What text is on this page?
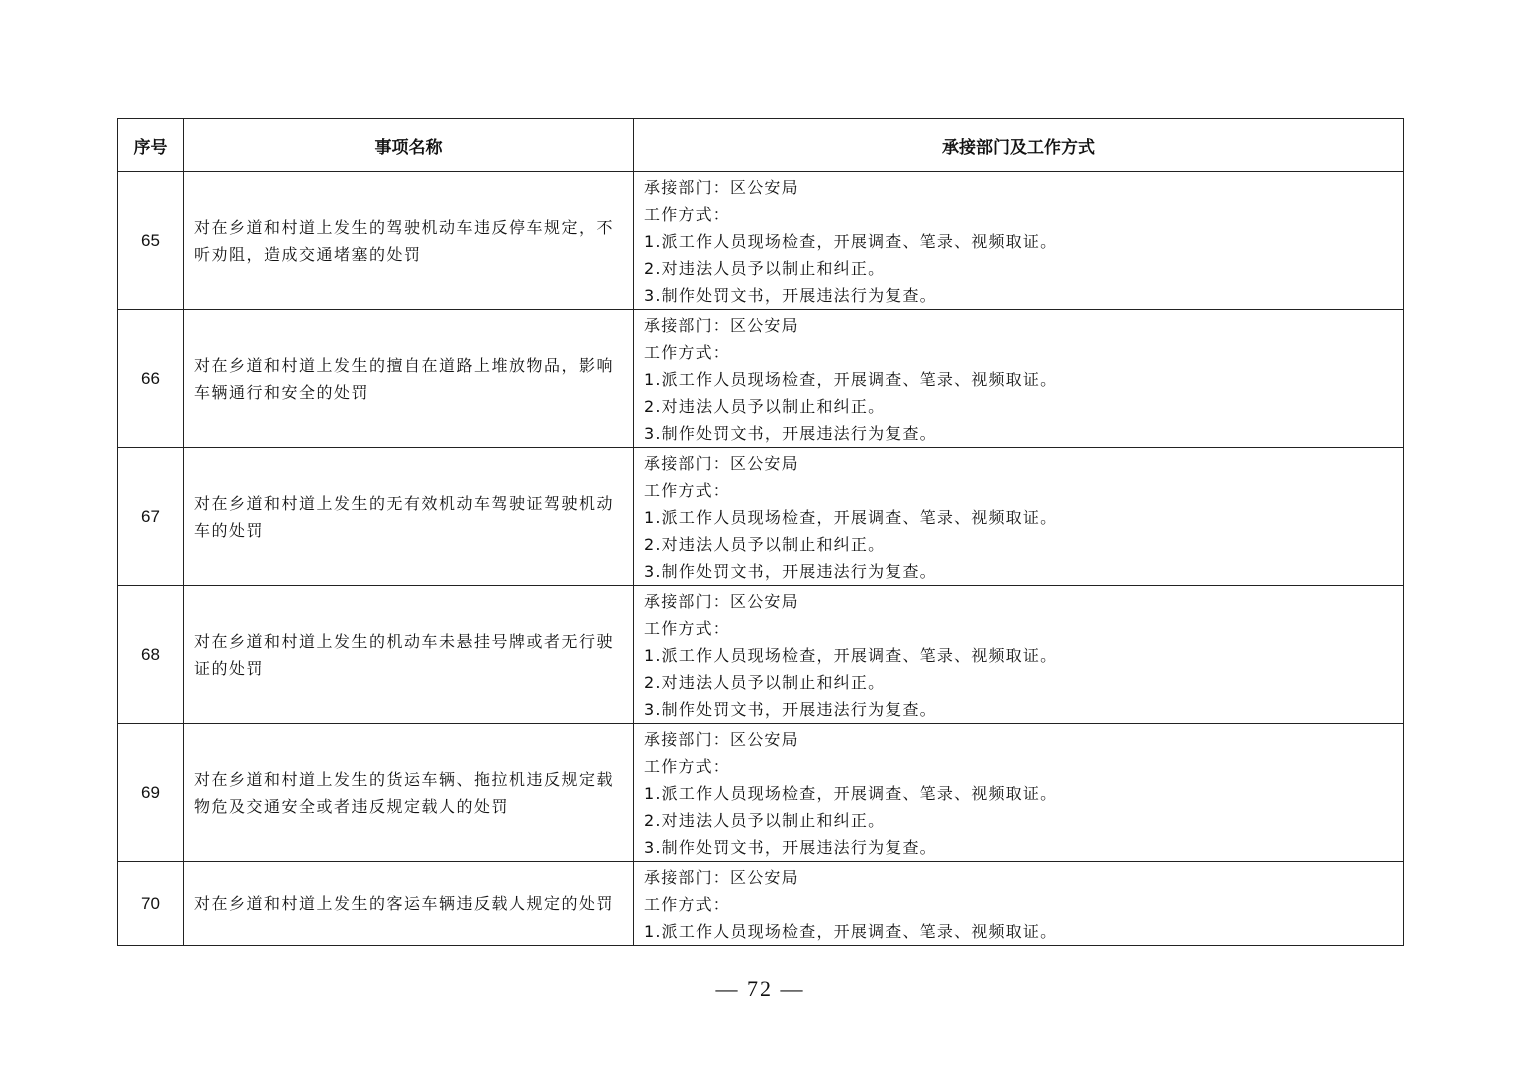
序号	事项名称	承接部门及工作方式
65	对在乡道和村道上发生的驾驶机动车违反停车规定，不听劝阻，造成交通堵塞的处罚	承接部门：区公安局
工作方式：
1.派工作人员现场检查，开展调查、笔录、视频取证。
2.对违法人员予以制止和纠正。
3.制作处罚文书，开展违法行为复查。

66	对在乡道和村道上发生的擅自在道路上堆放物品，影响车辆通行和安全的处罚	承接部门：区公安局
工作方式：
1.派工作人员现场检查，开展调查、笔录、视频取证。
2.对违法人员予以制止和纠正。
3.制作处罚文书，开展违法行为复查。

67	对在乡道和村道上发生的无有效机动车驾驶证驾驶机动车的处罚	承接部门：区公安局
工作方式：
1.派工作人员现场检查，开展调查、笔录、视频取证。
2.对违法人员予以制止和纠正。
3.制作处罚文书，开展违法行为复查。

68	对在乡道和村道上发生的机动车未悬挂号牌或者无行驶证的处罚	承接部门：区公安局
工作方式：
1.派工作人员现场检查，开展调查、笔录、视频取证。
2.对违法人员予以制止和纠正。
3.制作处罚文书，开展违法行为复查。

69	对在乡道和村道上发生的货运车辆、拖拉机违反规定载物危及交通安全或者违反规定载人的处罚	承接部门：区公安局
工作方式：
1.派工作人员现场检查，开展调查、笔录、视频取证。
2.对违法人员予以制止和纠正。
3.制作处罚文书，开展违法行为复查。

70	对在乡道和村道上发生的客运车辆违反载人规定的处罚	承接部门：区公安局
工作方式：
1.派工作人员现场检查，开展调查、笔录、视频取证。
— 72 —
